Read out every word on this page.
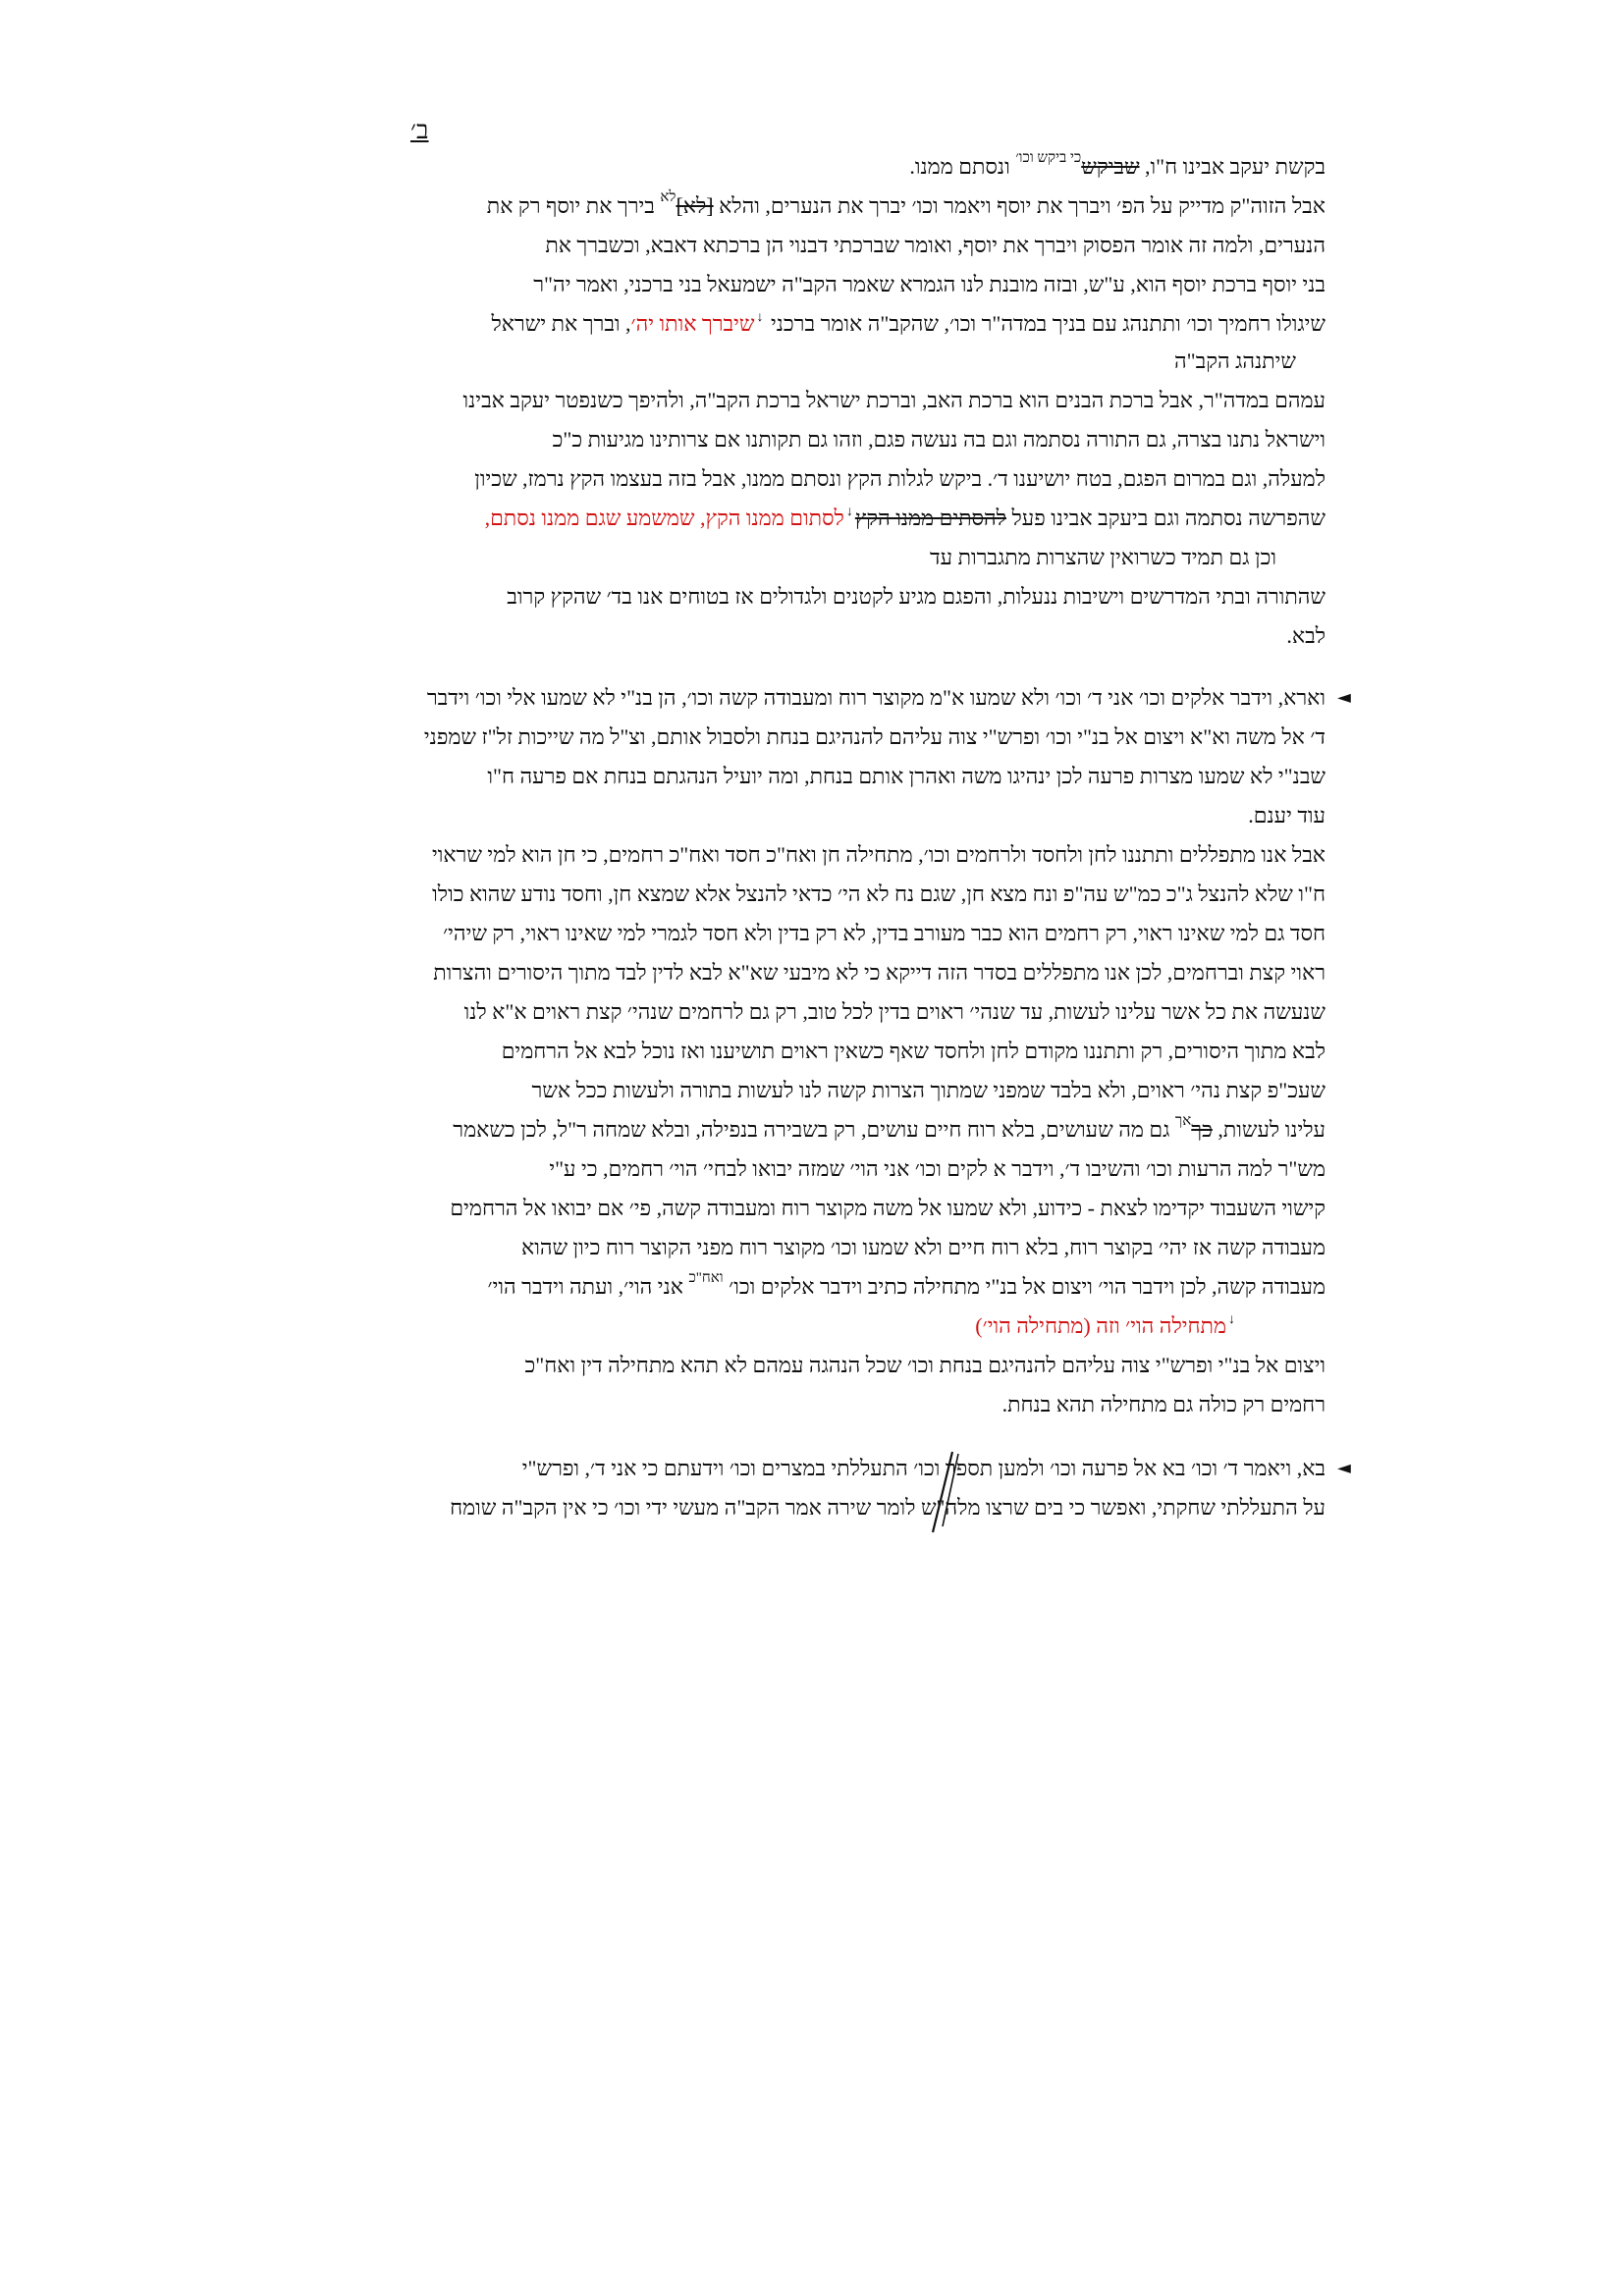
ב׳
בקשת יעקב אבינו ח"ו, שביקש$^{כי ביקש וכו׳}$ ונסתם ממנו.
אבל הזוה"ק מדייק על הפ׳ ויברך את יוסף ויאמר וכו׳ יברך את הנערים, והלא [לא]$^{לא}$ בירך את יוסף רק את
הנערים, ולמה זה אומר הפסוק ויברך את יוסף, ואומר שברכתי דבנוי הן ברכתא דאבא, וכשברך את
בני יוסף ברכת יוסף הוא, ע"ש, ובזה מובנת לנו הגמרא שאמר הקב"ה ישמעאל בני ברכני, ואמר יה"ר
שיגולו רחמיך וכו׳ ותתנהג עם בניך במדה"ר וכו׳, שהקב"ה אומר ברכני ↓שיברך אותו יה׳, וברך את ישראל
שיתנהג הקב"ה
עמהם במדה"ר, אבל ברכת הבנים הוא ברכת האב, וברכת ישראל ברכת הקב"ה, ולהיפך כשנפטר יעקב אבינו
וישראל נתנו בצרה, גם התורה נסתמה וגם בה נעשה פגם, וזהו גם תקותנו אם צרותינו מגיעות כ"כ
למעלה, וגם במרום הפגם, בטח יושיענו ד׳. ביקש לגלות הקץ ונסתם ממנו, אבל בזה בעצמו הקץ נרמז, שכיון
שהפרשה נסתמה וגם ביעקב אבינו פעל להסתים ממנו הקץ↓לסתום ממנו הקץ, שמשמע שגם ממנו נסתם,
וכן גם תמיד כשרואין שהצרות מתגברות עד
שהתורה ובתי המדרשים וישיבות ננעלות, והפגם מגיע לקטנים ולגדולים אז בטוחים אנו בד׳ שהקץ קרוב
לבא.
◄
וארא, וידבר אלקים וכו׳ אני ד׳ וכו׳ ולא שמעו א"מ מקוצר רוח ומעבודה קשה וכו׳, הן בנ"י לא שמעו אלי וכו׳ וידבר
ד׳ אל משה וא"א ויצום אל בנ"י וכו׳ ופרש"י צוה עליהם להנהיגם בנחת ולסבול אותם, וצ"ל מה שייכות זל"ז שמפני
שבנ"י לא שמעו מצרות פרעה לכן ינהיגו משה ואהרן אותם בנחת, ומה יועיל הנהגתם בנחת אם פרעה ח"ו
עוד יענם.
אבל אנו מתפללים ותתננו לחן ולחסד ולרחמים וכו׳, מתחילה חן ואח"כ חסד ואח"כ רחמים, כי חן הוא למי שראוי
ח"ו שלא להנצל ג"כ כמ"ש עה"פ ונח מצא חן, שגם נח לא הי׳ כדאי להנצל אלא שמצא חן, וחסד נודע שהוא כולו
חסד גם למי שאינו ראוי, רק רחמים הוא כבר מעורב בדין, לא רק בדין ולא חסד לגמרי למי שאינו ראוי, רק שיהי׳
ראוי קצת וברחמים, לכן אנו מתפללים בסדר הזה דייקא כי לא מיבעי שא"א לבא לדין לבד מתוך היסורים והצרות
שנעשה את כל אשר עלינו לעשות, עד שנהי׳ ראוים בדין לכל טוב, רק גם לרחמים שנהי׳ קצת ראוים א"א לנו
לבא מתוך היסורים, רק ותתננו מקודם לחן ולחסד שאף כשאין ראוים תושיענו ואז נוכל לבא אל הרחמים
שעכ"פ קצת נהי׳ ראוים, ולא בלבד שמפני שמתוך הצרות קשה לנו לעשות בתורה ולעשות ככל אשר
עלינו לעשות, כך$^{אך}$ גם מה שעושים, בלא רוח חיים עושים, רק בשבירה בנפילה, ובלא שמחה ר"ל, לכן כשאמר
מש"ר למה הרעות וכו׳ והשיבו ד׳, וידבר א לקים וכו׳ אני הוי׳ שמזה יבואו לבחי׳ הוי׳ רחמים, כי ע"י
קישוי השעבוד יקדימו לצאת - כידוע, ולא שמעו אל משה מקוצר רוח ומעבודה קשה, פי׳ אם יבואו אל הרחמים
מעבודה קשה אז יהי׳ בקוצר רוח, בלא רוח חיים ולא שמעו וכו׳ מקוצר רוח מפני הקוצר רוח כיון שהוא
מעבודה קשה, לכן וידבר הוי׳ ויצום אל בנ"י מתחילה כתיב וידבר אלקים וכו׳ $^{ואח"כ}$ אני הוי׳, ועתה וידבר הוי׳
↓מתחילה הוי׳ וזה (מתחילה הוי׳)
ויצום אל בנ"י ופרש"י צוה עליהם להנהיגם בנחת וכו׳ שכל הנהגה עמהם לא תהא מתחילה דין ואח"כ
רחמים רק כולה גם מתחילה תהא בנחת.
◄
בא, ויאמר ד׳ וכו׳ בא אל פרעה וכו׳ ולמען תספר וכו׳ התעללתי במצרים וכו׳ וידעתם כי אני ד׳, ופרש"י
על התעללתי שחקתי, ואפשר כי בים שרצו מלה"ש לומר שירה אמר הקב"ה מעשי ידי וכו׳ כי אין הקב"ה שומח
